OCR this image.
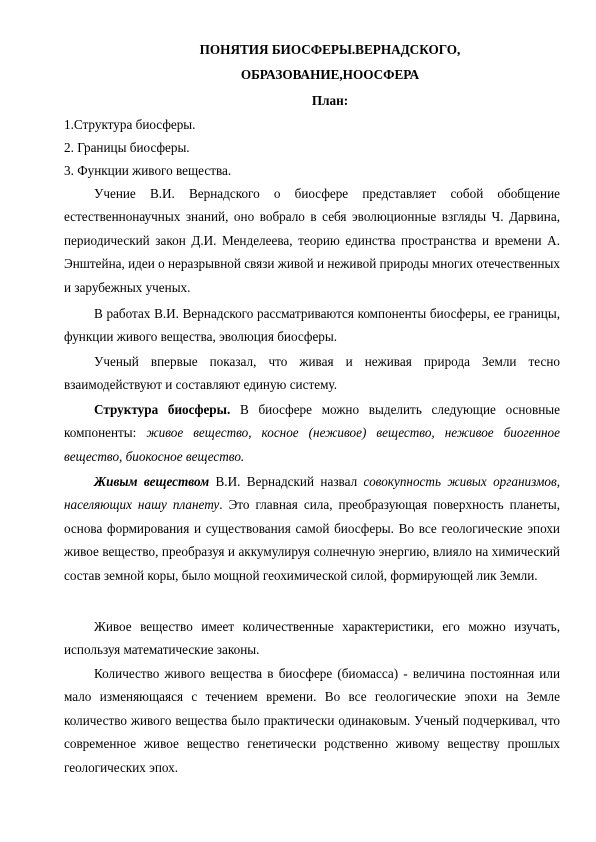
ПОНЯТИЯ БИОСФЕРЫ.ВЕРНАДСКОГО,
ОБРАЗОВАНИЕ,НООСФЕРА
План:
1.Структура биосферы.
2. Границы биосферы.
3. Функции живого вещества.

Учение В.И. Вернадского о биосфере представляет собой обобщение естественнонаучных знаний, оно вобрало в себя эволюционные взгляды Ч. Дарвина, периодический закон Д.И. Менделеева, теорию единства пространства и времени А. Энштейна, идеи о неразрывной связи живой и неживой природы многих отечественных и зарубежных ученых.

В работах В.И. Вернадского рассматриваются компоненты биосферы, ее границы, функции живого вещества, эволюция биосферы.

Ученый впервые показал, что живая и неживая природа Земли тесно взаимодействуют и составляют единую систему.

Структура биосферы. В биосфере можно выделить следующие основные компоненты: живое вещество, косное (неживое) вещество, неживое биогенное вещество, биокосное вещество.

Живым веществом В.И. Вернадский назвал совокупность живых организмов, населяющих нашу планету. Это главная сила, преобразующая поверхность планеты, основа формирования и существования самой биосферы. Во все геологические эпохи живое вещество, преобразуя и аккумулируя солнечную энергию, влияло на химический состав земной коры, было мощной геохимической силой, формирующей лик Земли.

Живое вещество имеет количественные характеристики, его можно изучать, используя математические законы.

Количество живого вещества в биосфере (биомасса) - величина постоянная или мало изменяющаяся с течением времени. Во все геологические эпохи на Земле количество живого вещества было практически одинаковым. Ученый подчеркивал, что современное живое вещество генетически родственно живому веществу прошлых геологических эпох.
